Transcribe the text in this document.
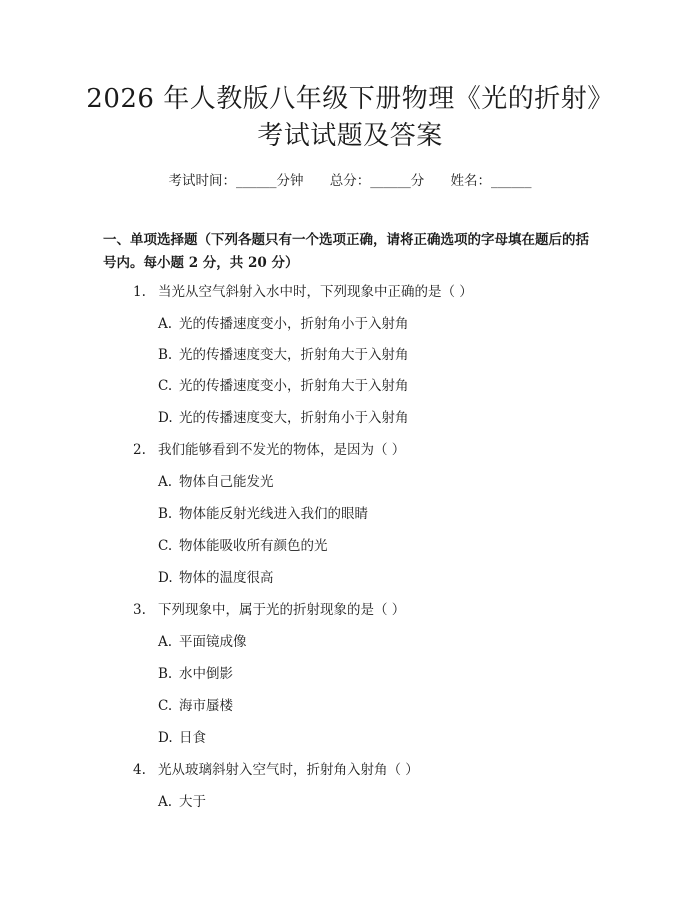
2026 年人教版八年级下册物理《光的折射》
考试试题及答案
考试时间：______分钟 总分：______分 姓名：______
一、单项选择题（下列各题只有一个选项正确，请将正确选项的字母填在题后的括号内。每小题 2 分，共 20 分）
1. 当光从空气斜射入水中时，下列现象中正确的是（ ）
A. 光的传播速度变小，折射角小于入射角
B. 光的传播速度变大，折射角大于入射角
C. 光的传播速度变小，折射角大于入射角
D. 光的传播速度变大，折射角小于入射角
2. 我们能够看到不发光的物体，是因为（ ）
A. 物体自己能发光
B. 物体能反射光线进入我们的眼睛
C. 物体能吸收所有颜色的光
D. 物体的温度很高
3. 下列现象中，属于光的折射现象的是（ ）
A. 平面镜成像
B. 水中倒影
C. 海市蜃楼
D. 日食
4. 光从玻璃斜射入空气时，折射角入射角（ ）
A. 大于
